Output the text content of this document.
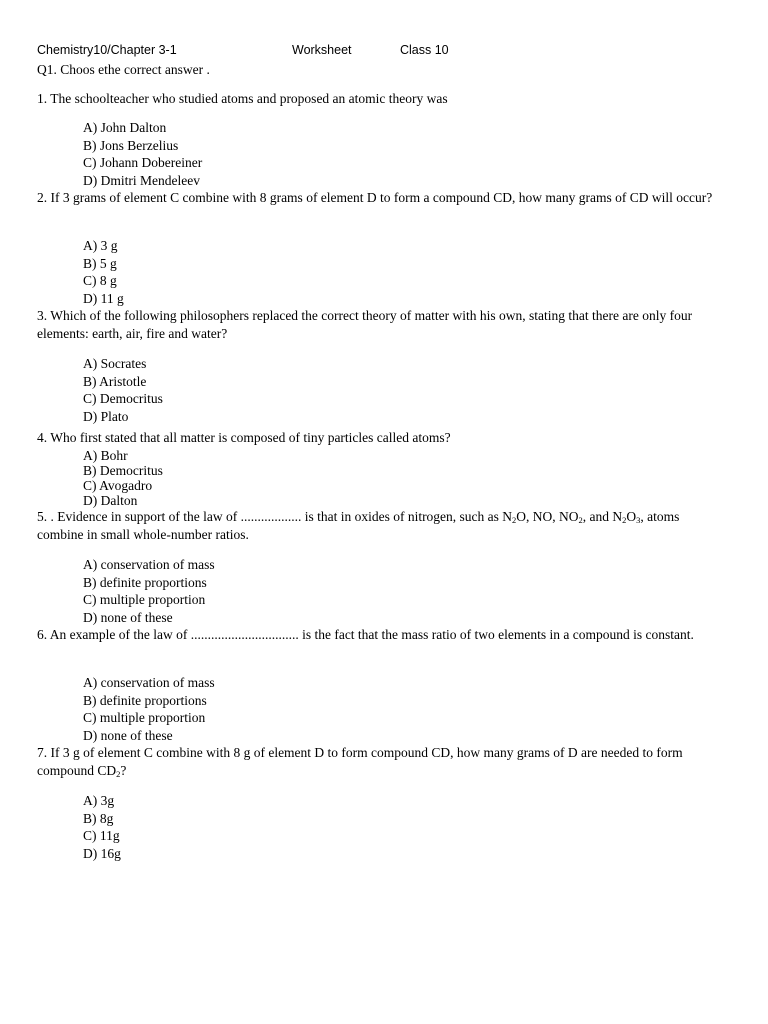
Chemistry10/Chapter 3-1	Worksheet	Class 10
Q1. Choos ethe correct answer .
1. The schoolteacher who studied atoms and proposed an atomic theory was
A) John Dalton
B) Jons Berzelius
C) Johann Dobereiner
D) Dmitri Mendeleev
2. If 3 grams of element C combine with 8 grams of element D to form a compound CD, how many grams of CD will occur?
A) 3 g
B) 5 g
C) 8 g
D) 11 g
3. Which of the following philosophers replaced the correct theory of matter with his own, stating that there are only four elements: earth, air, fire and water?
A) Socrates
B) Aristotle
C) Democritus
D) Plato
4. Who first stated that all matter is composed of tiny particles called atoms?
A) Bohr
B) Democritus
C) Avogadro
D) Dalton
5. . Evidence in support of the law of .................. is that in oxides of nitrogen, such as $N_2O$, NO, $NO_2$, and $N_2O_3$, atoms combine in small whole-number ratios.
A) conservation of mass
B) definite proportions
C) multiple proportion
D) none of these
6. An example of the law of ................................ is the fact that the mass ratio of two elements in a compound is constant.
A) conservation of mass
B) definite proportions
C) multiple proportion
D) none of these
7. If 3 g of element C combine with 8 g of element D to form compound CD, how many grams of D are needed to form compound $CD_2$?
A) 3g
B) 8g
C) 11g
D) 16g
